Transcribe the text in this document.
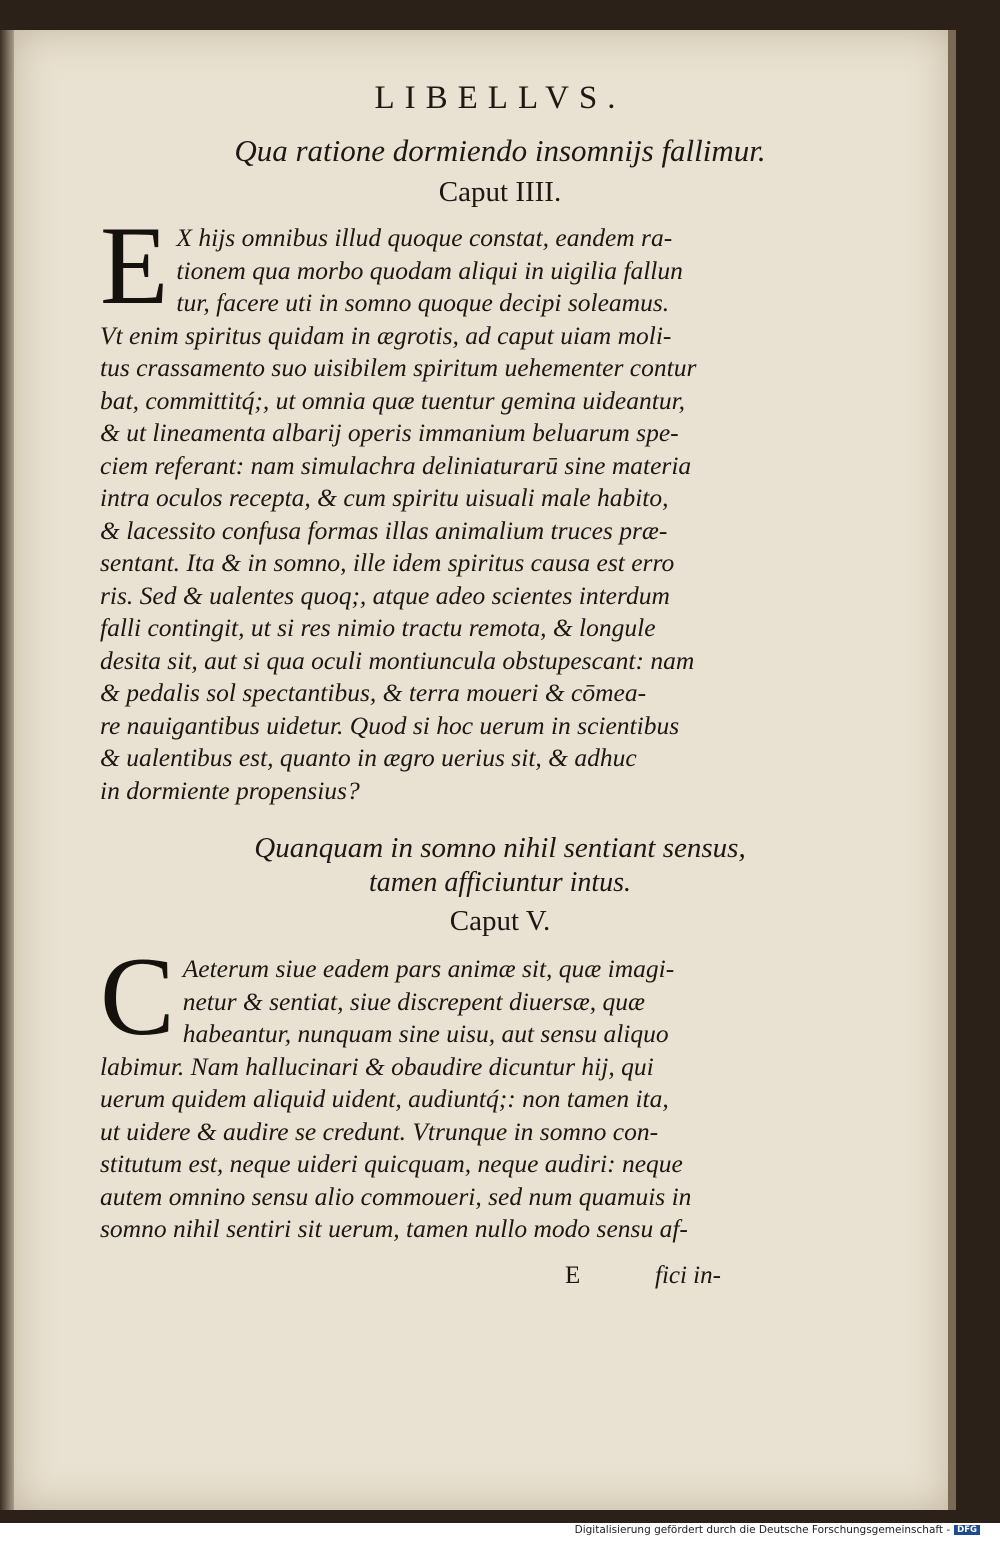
LIBELLVS.
Qua ratione dormiendo insomnijs fallimur.
Caput IIII.
E X hijs omnibus illud quoque constat, eandem ra-
tionem qua morbo quodam aliqui in uigilia fallun
tur, facere uti in somno quoque decipi soleamus.
Vt enim spiritus quidam in ægrotis, ad caput uiam moli-
tus crassamento suo uisibilem spiritum uehementer contur
bat, committitq́;, ut omnia quæ tuentur gemina uideantur,
& ut lineamenta albarij operis immanium beluarum spe-
ciem referant: nam simulachra deliniaturarū sine materia
intra oculos recepta, & cum spiritu uisuali male habito,
& lacessito confusa formas illas animalium truces præ-
sentant. Ita & in somno, ille idem spiritus causa est erro
ris. Sed & ualentes quoq;, atque adeo scientes interdum
falli contingit, ut si res nimio tractu remota, & longule
desita sit, aut si qua oculi montiuncula obstupescant: nam
& pedalis sol spectantibus, & terra moueri & cōmea-
re nauigantibus uidetur. Quod si hoc uerum in scientibus
& ualentibus est, quanto in ægro uerius sit, & adhuc
in dormiente propensius?
Quanquam in somno nihil sentiant sensus,
tamen afficiuntur intus.
Caput V.
C Aeterum siue eadem pars animæ sit, quæ imagi-
netur & sentiat, siue discrepent diuersæ, quæ
habeantur, nunquam sine uisu, aut sensu aliquo
labimur. Nam hallucinari & obaudire dicuntur hij, qui
uerum quidem aliquid uident, audiuntq́;: non tamen ita,
ut uidere & audire se credunt. Vtrunque in somno con-
stitutum est, neque uideri quicquam, neque audiri: neque
autem omnino sensu alio commoueri, sed num quamuis in
somno nihil sentiri sit uerum, tamen nullo modo sensu af-
E	fici in-
Digitalisierung gefördert durch die Deutsche Forschungsgemeinschaft - DFG
